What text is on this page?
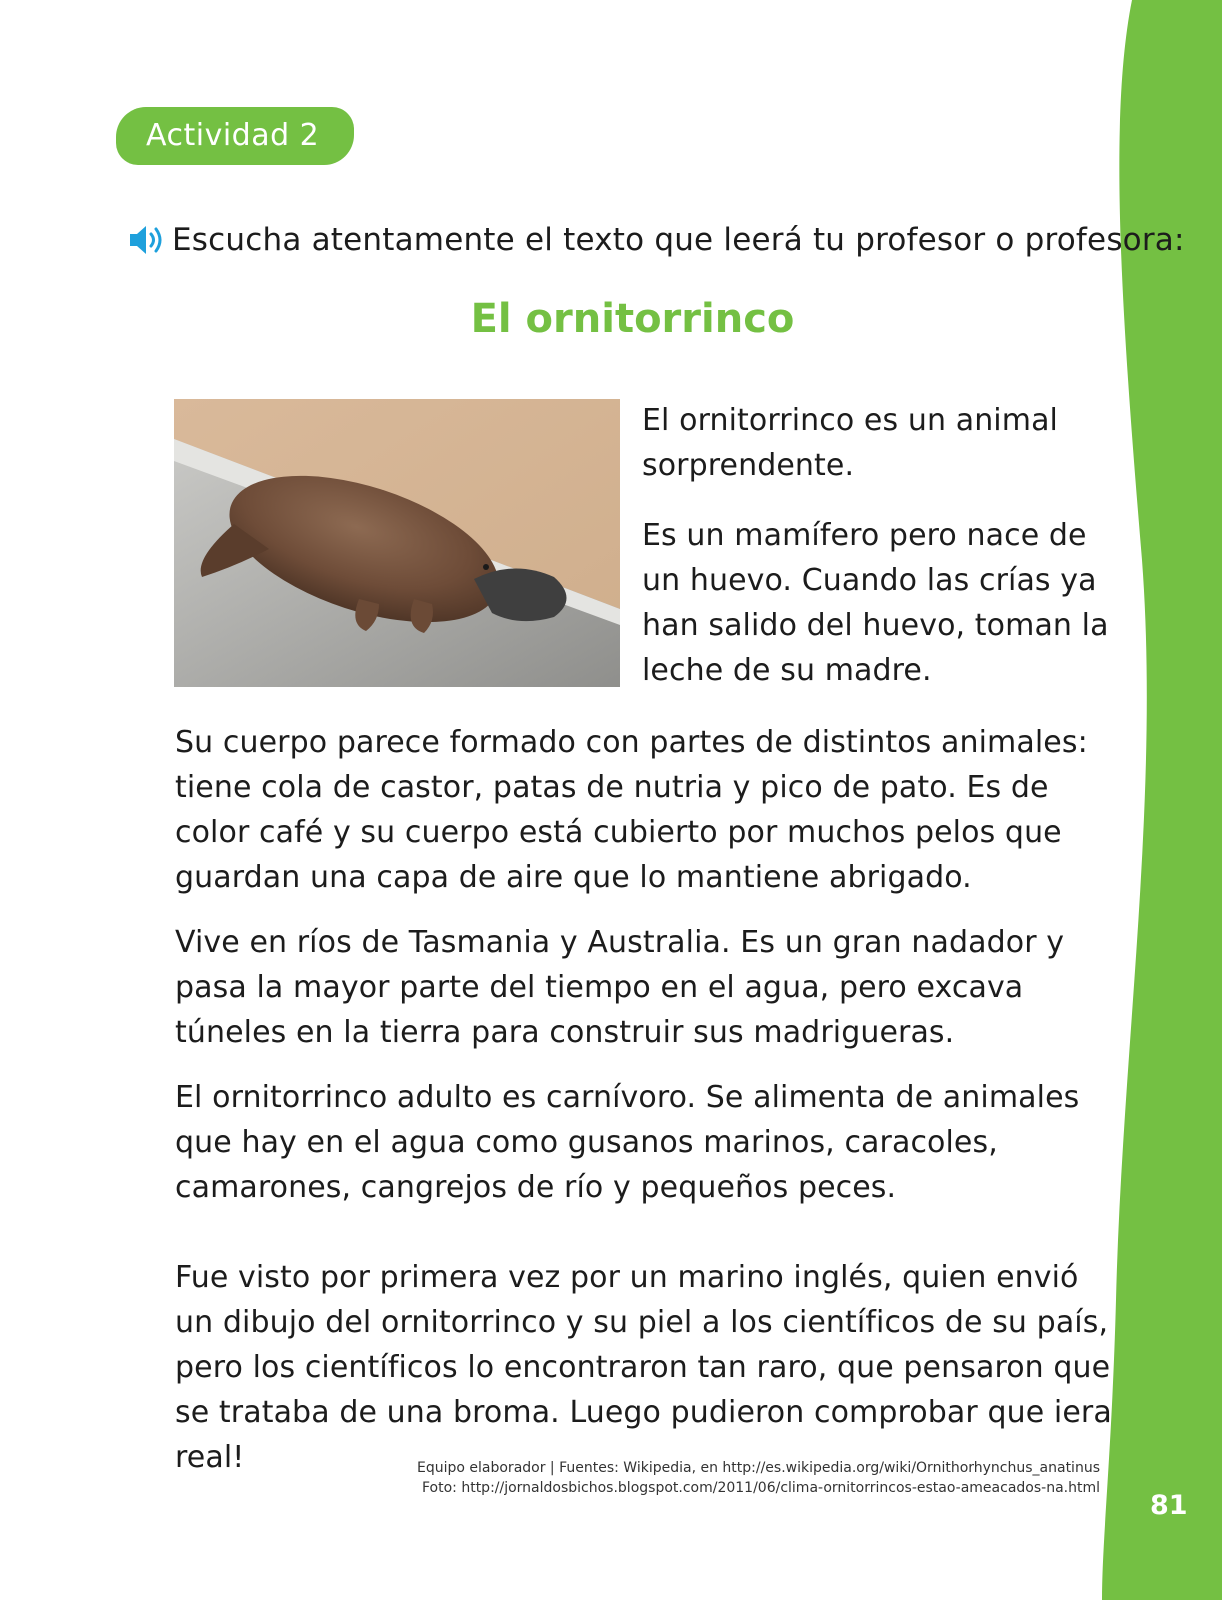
Actividad 2
Escucha atentamente el texto que leerá tu profesor o profesora:
El ornitorrinco

El ornitorrinco es un animal sorprendente.

Es un mamífero pero nace de un huevo. Cuando las crías ya han salido del huevo, toman la leche de su madre.

Su cuerpo parece formado con partes de distintos animales: tiene cola de castor, patas de nutria y pico de pato. Es de color café y su cuerpo está cubierto por muchos pelos que guardan una capa de aire que lo mantiene abrigado.

Vive en ríos de Tasmania y Australia. Es un gran nadador y pasa la mayor parte del tiempo en el agua, pero excava túneles en la tierra para construir sus madrigueras.

El ornitorrinco adulto es carnívoro. Se alimenta de animales que hay en el agua como gusanos marinos, caracoles, camarones, cangrejos de río y pequeños peces.

Fue visto por primera vez por un marino inglés, quien envió un dibujo del ornitorrinco y su piel a los científicos de su país, pero los científicos lo encontraron tan raro, que pensaron que se trataba de una broma. Luego pudieron comprobar que iera real!	Equipo elaborador | Fuentes: Wikipedia, en http://es.wikipedia.org/wiki/Ornithorhynchus_anatinus
Foto: http://jornaldosbichos.blogspot.com/2011/06/clima-ornitorrincos-estao-ameacados-na.html
81
